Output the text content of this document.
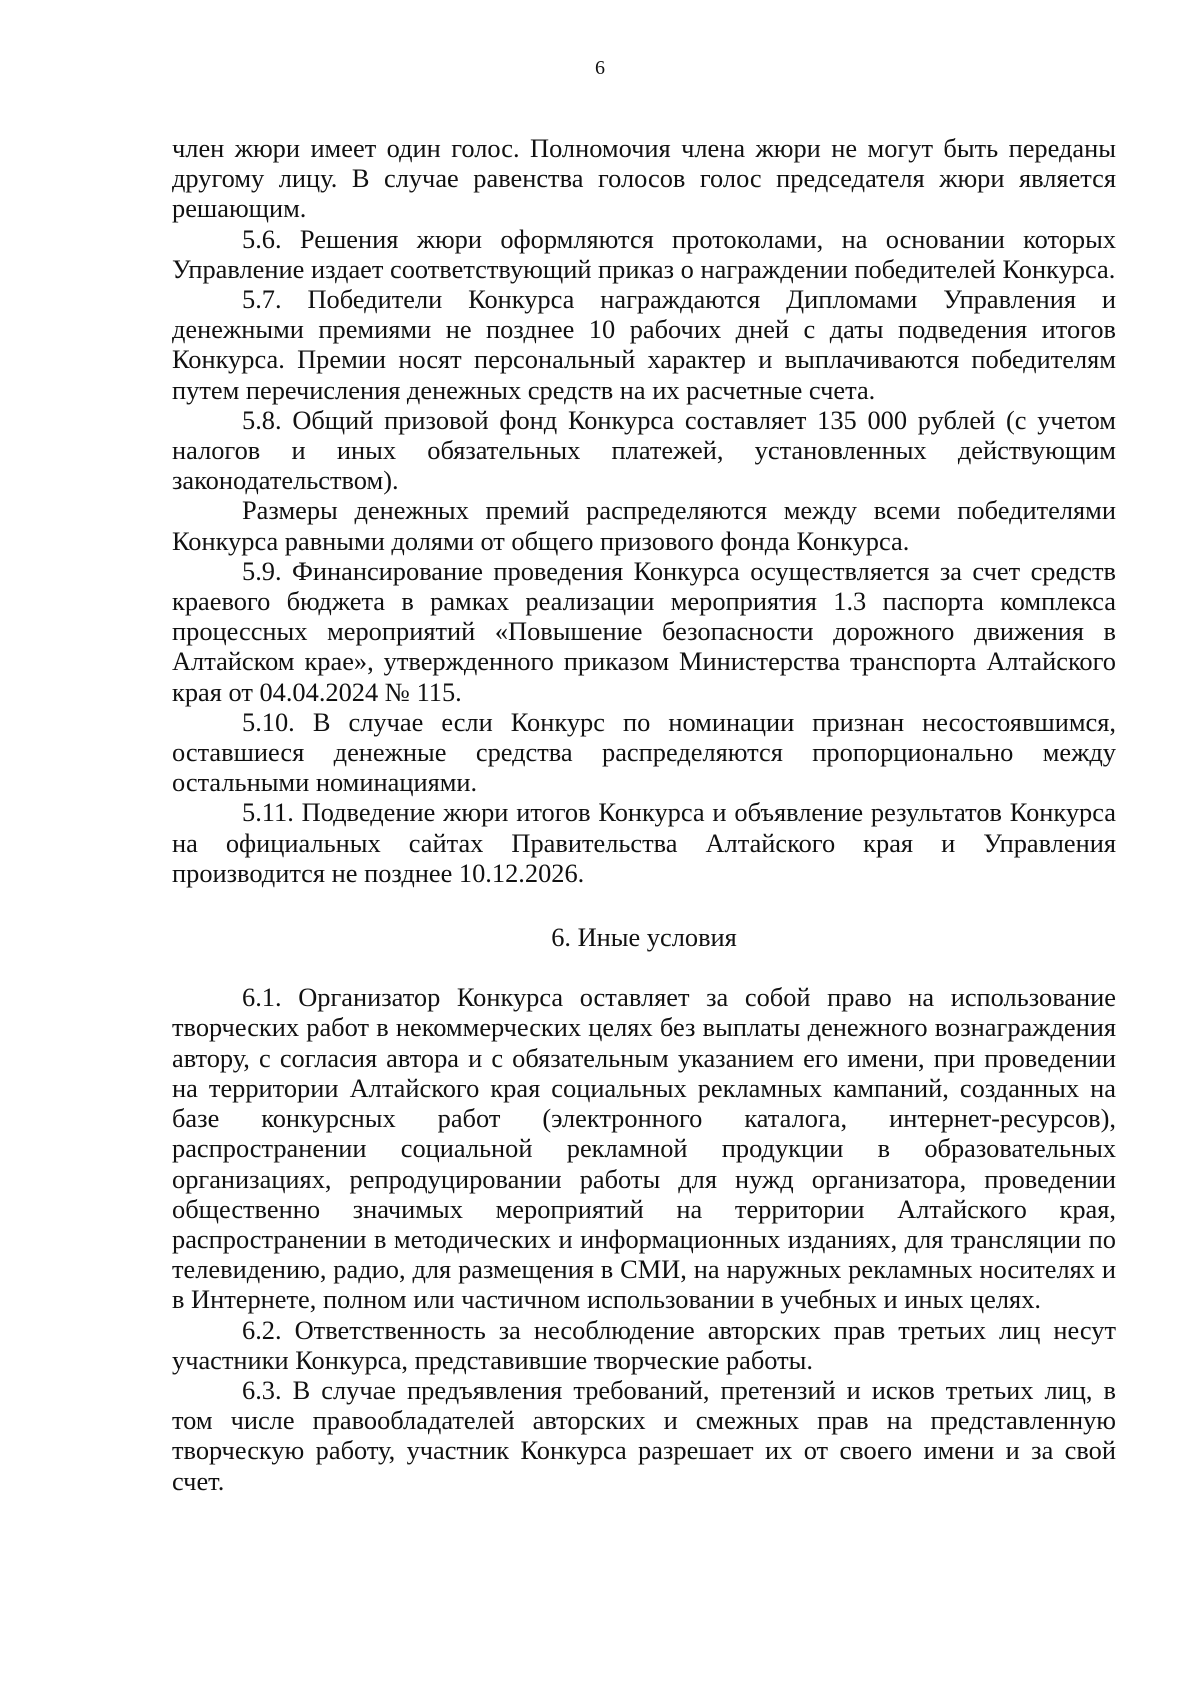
6

член жюри имеет один голос. Полномочия члена жюри не могут быть переданы другому лицу. В случае равенства голосов голос председателя жюри является решающим.

5.6. Решения жюри оформляются протоколами, на основании которых Управление издает соответствующий приказ о награждении победителей Конкурса.

5.7. Победители Конкурса награждаются Дипломами Управления и денежными премиями не позднее 10 рабочих дней с даты подведения итогов Конкурса. Премии носят персональный характер и выплачиваются победителям путем перечисления денежных средств на их расчетные счета.

5.8. Общий призовой фонд Конкурса составляет 135 000 рублей (с учетом налогов и иных обязательных платежей, установленных действующим законодательством).

Размеры денежных премий распределяются между всеми победителями Конкурса равными долями от общего призового фонда Конкурса.

5.9. Финансирование проведения Конкурса осуществляется за счет средств краевого бюджета в рамках реализации мероприятия 1.3 паспорта комплекса процессных мероприятий «Повышение безопасности дорожного движения в Алтайском крае», утвержденного приказом Министерства транспорта Алтайского края от 04.04.2024 № 115.

5.10. В случае если Конкурс по номинации признан несостоявшимся, оставшиеся денежные средства распределяются пропорционально между остальными номинациями.

5.11. Подведение жюри итогов Конкурса и объявление результатов Конкурса на официальных сайтах Правительства Алтайского края и Управления производится не позднее 10.12.2026.

6. Иные условия

6.1. Организатор Конкурса оставляет за собой право на использование творческих работ в некоммерческих целях без выплаты денежного вознаграждения автору, с согласия автора и с обязательным указанием его имени, при проведении на территории Алтайского края социальных рекламных кампаний, созданных на базе конкурсных работ (электронного каталога, интернет-ресурсов), распространении социальной рекламной продукции в образовательных организациях, репродуцировании работы для нужд организатора, проведении общественно значимых мероприятий на территории Алтайского края, распространении в методических и информационных изданиях, для трансляции по телевидению, радио, для размещения в СМИ, на наружных рекламных носителях и в Интернете, полном или частичном использовании в учебных и иных целях.

6.2. Ответственность за несоблюдение авторских прав третьих лиц несут участники Конкурса, представившие творческие работы.

6.3. В случае предъявления требований, претензий и исков третьих лиц, в том числе правообладателей авторских и смежных прав на представленную творческую работу, участник Конкурса разрешает их от своего имени и за свой счет.
